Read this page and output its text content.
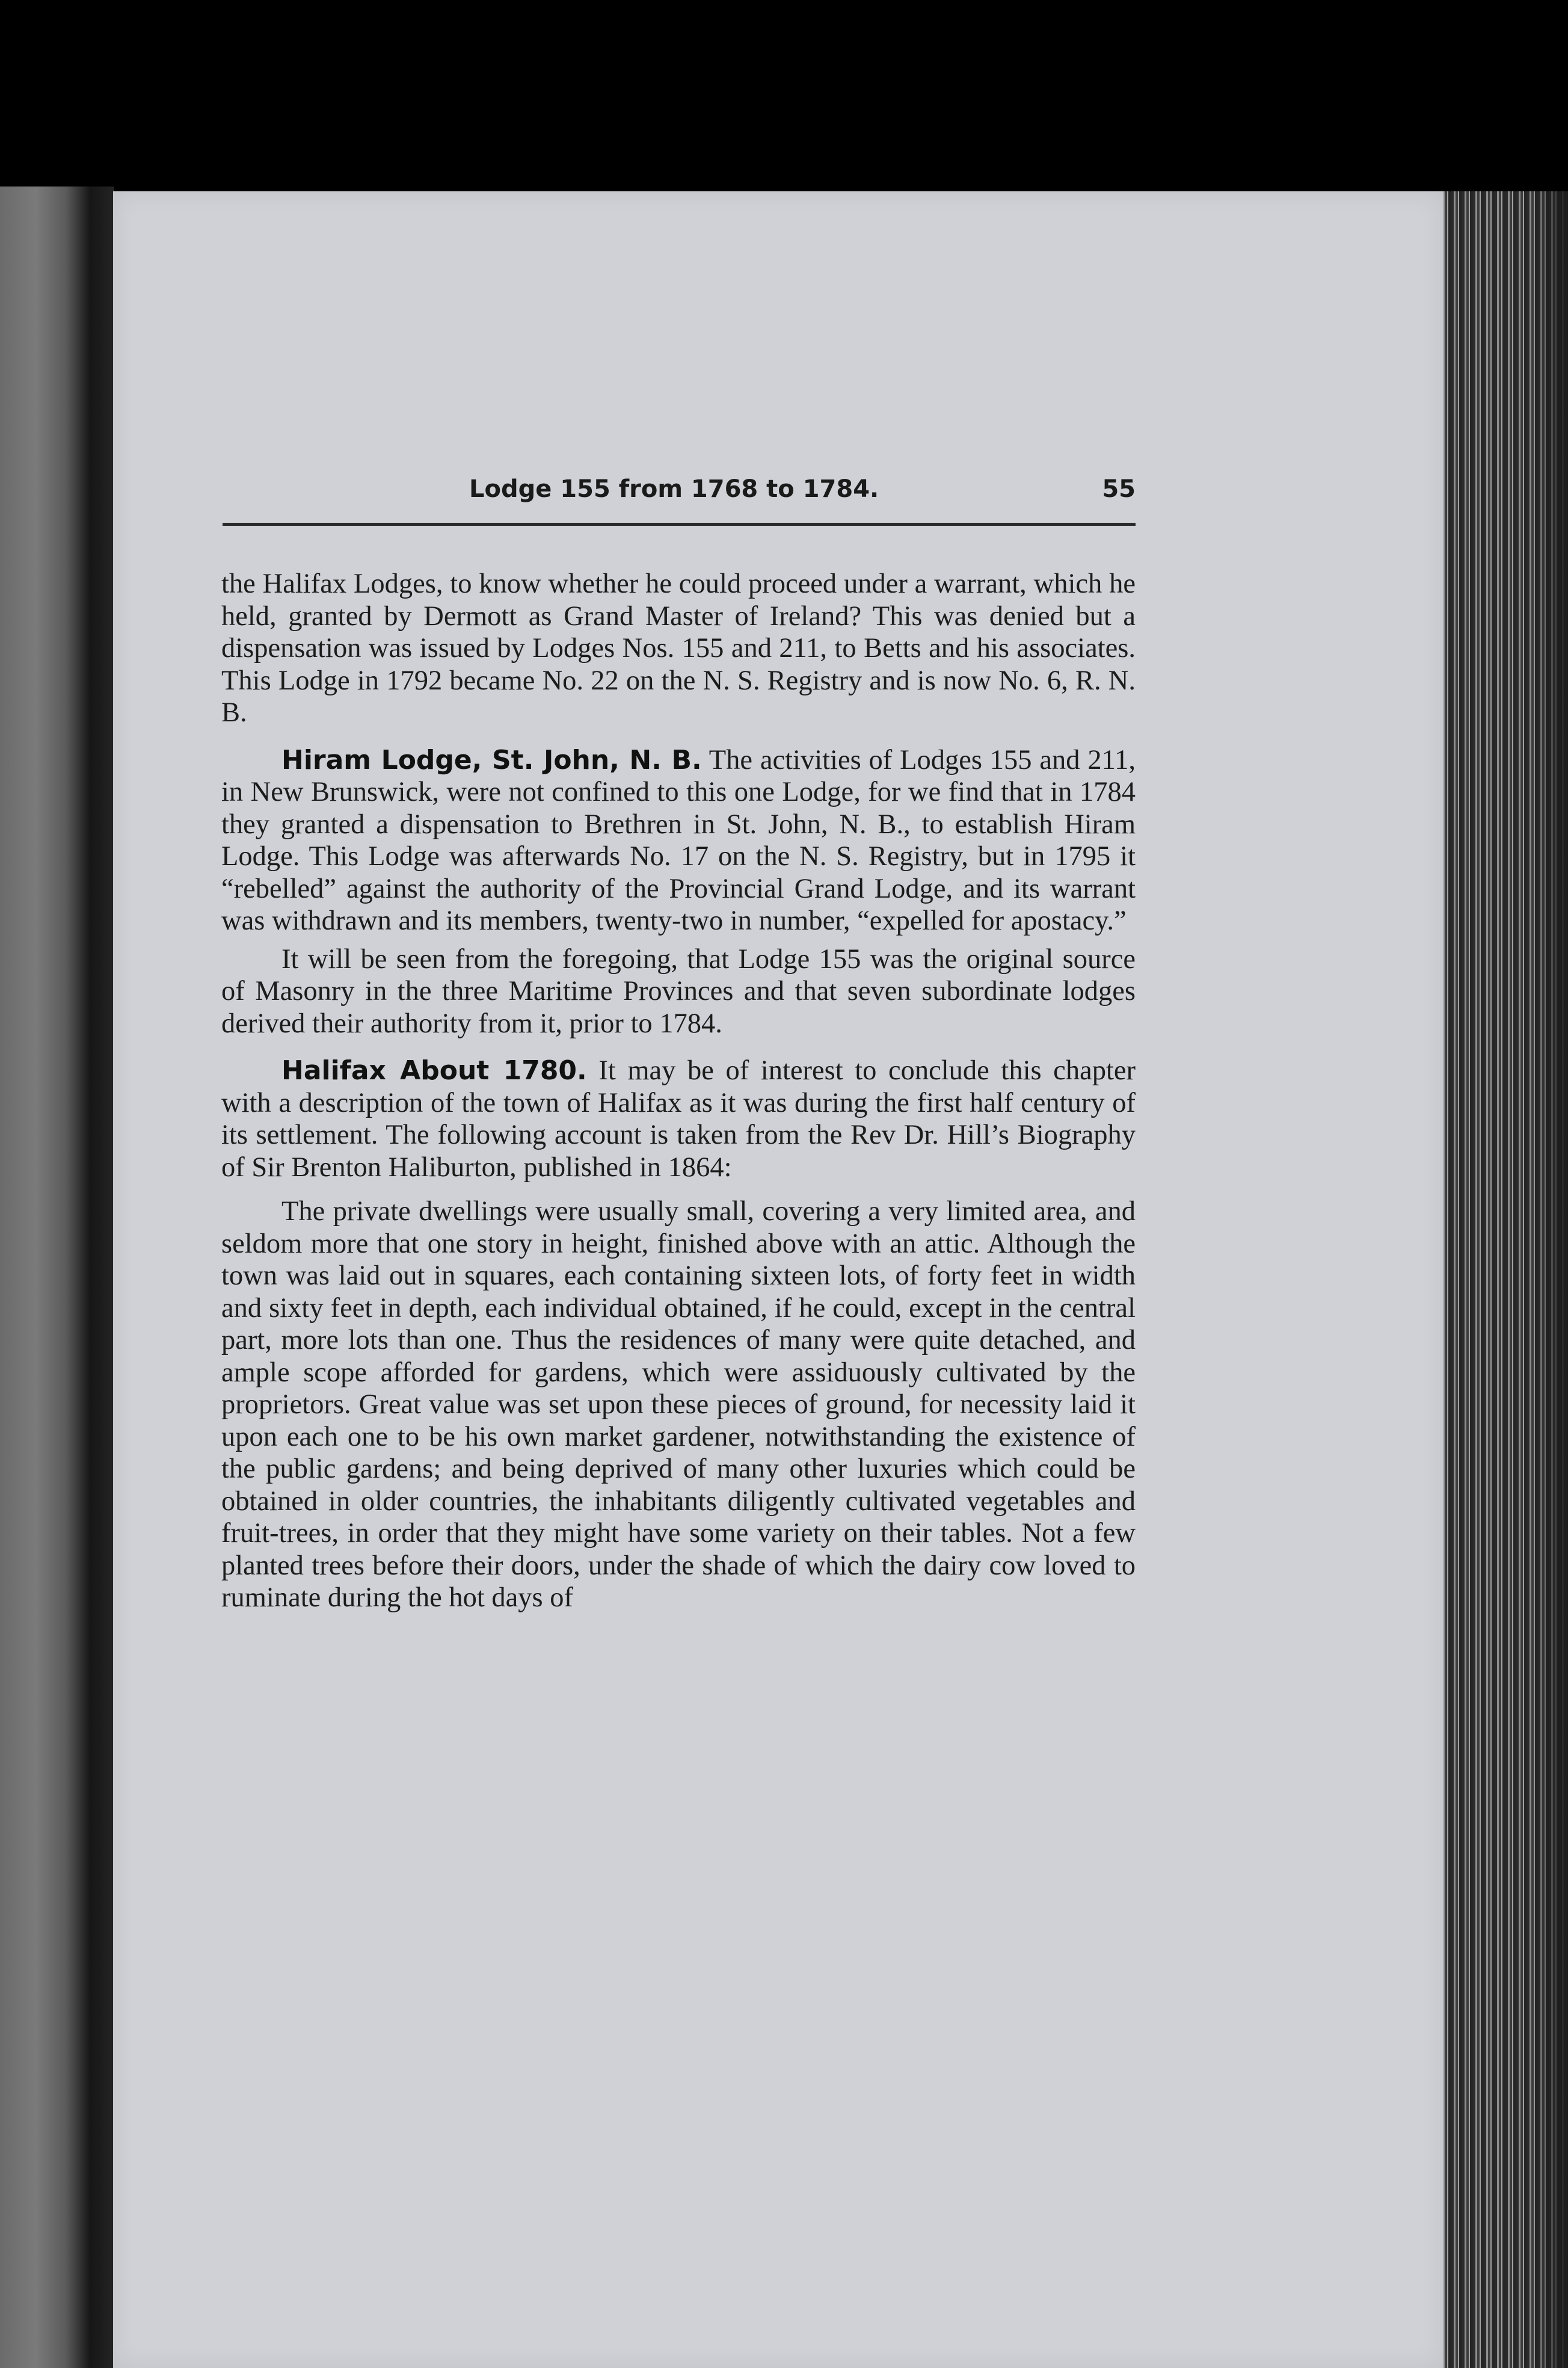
Lodge 155 from 1768 to 1784.	55

the Halifax Lodges, to know whether he could proceed under a warrant, which he held, granted by Dermott as Grand Master of Ireland? This was denied but a dispensation was issued by Lodges Nos. 155 and 211, to Betts and his associates. This Lodge in 1792 became No. 22 on the N. S. Registry and is now No. 6, R. N. B.

Hiram Lodge, St. John, N. B. The activities of Lodges 155 and 211, in New Brunswick, were not confined to this one Lodge, for we find that in 1784 they granted a dispensation to Brethren in St. John, N. B., to establish Hiram Lodge. This Lodge was afterwards No. 17 on the N. S. Registry, but in 1795 it “rebelled” against the authority of the Provincial Grand Lodge, and its warrant was withdrawn and its members, twenty-two in number, “expelled for apostacy.”

It will be seen from the foregoing, that Lodge 155 was the original source of Masonry in the three Maritime Provinces and that seven subordinate lodges derived their authority from it, prior to 1784.

Halifax About 1780. It may be of interest to conclude this chapter with a description of the town of Halifax as it was during the first half century of its settlement. The following account is taken from the Rev Dr. Hill’s Biography of Sir Brenton Haliburton, published in 1864:

The private dwellings were usually small, covering a very limited area, and seldom more that one story in height, finished above with an attic. Although the town was laid out in squares, each containing sixteen lots, of forty feet in width and sixty feet in depth, each individual obtained, if he could, except in the central part, more lots than one. Thus the residences of many were quite detached, and ample scope afforded for gardens, which were assiduously cultivated by the proprietors. Great value was set upon these pieces of ground, for necessity laid it upon each one to be his own market gardener, notwithstanding the existence of the public gardens; and being deprived of many other luxuries which could be obtained in older countries, the inhabitants diligently cultivated vegetables and fruit-trees, in order that they might have some variety on their tables. Not a few planted trees before their doors, under the shade of which the dairy cow loved to ruminate during the hot days of
